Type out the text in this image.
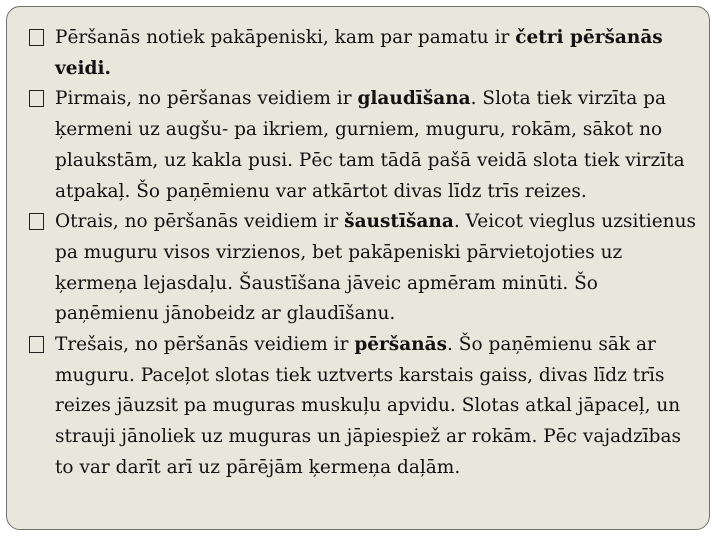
Pēršanās notiek pakāpeniski, kam par pamatu ir četri pēršanās veidi.

Pirmais, no pēršanas veidiem ir glaudīšana. Slota tiek virzīta pa ķermeni uz augšu- pa ikriem, gurniem, muguru, rokām, sākot no plaukstām, uz kakla pusi. Pēc tam tādā pašā veidā slota tiek virzīta atpakaļ. Šo paņēmienu var atkārtot divas līdz trīs reizes.

Otrais, no pēršanās veidiem ir šaustīšana. Veicot vieglus uzsitienus pa muguru visos virzienos, bet pakāpeniski pārvietojoties uz ķermeņa lejasdaļu. Šaustīšana jāveic apmēram minūti. Šo paņēmienu jānobeidz ar glaudīšanu.

Trešais, no pēršanās veidiem ir pēršanās. Šo paņēmienu sāk ar muguru. Paceļot slotas tiek uztverts karstais gaiss, divas līdz trīs reizes jāuzsit pa muguras muskuļu apvidu. Slotas atkal jāpaceļ, un strauji jānoliek uz muguras un jāpiespiež ar rokām. Pēc vajadzības to var darīt arī uz pārējām ķermeņa daļām.
